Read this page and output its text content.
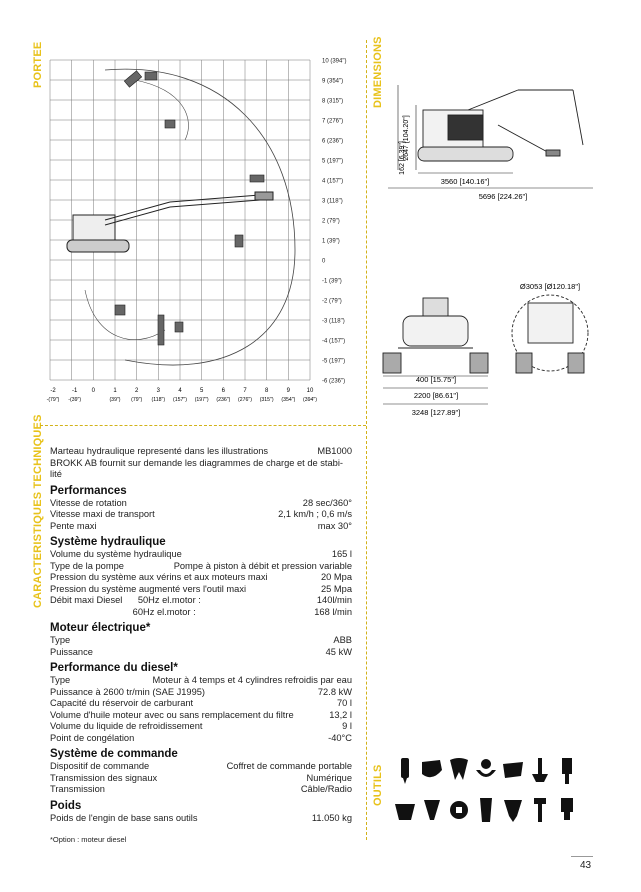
PORTEE	DIMENSIONS
CARACTERISTIQUES TECHNIQUES
OUTILS
10 (394")
9 (354")
8 (315")
7 (276")
6 (236")
5 (197")
4 (157")
3 (118")
2 (79")
1 (39")
0
-1 (39")
-2 (79")
-3 (118")
-4 (157")
-5 (197")
-6 (236")
-2
-(79")
-1
-(39")
0	1
(39")
2
(79")
3
(118")
4
(157")
5
(197")
6
(236")
7
(276")
8
(315")
9
(354")
10
(394")
162 [6.39"]
2647 [104.20"]
3560 [140.16"]
5696 [224.26"]
Ø3053 [Ø120.18"]
400 [15.75"]
2200 [86.61"]
3248 [127.89"]
Marteau hydraulique representé dans les illustrations	MB1000
BROKK AB fournit sur demande les diagrammes de charge et de stabi- lité
Performances
Vitesse de rotation	28 sec/360°
Vitesse maxi de transport	2,1 km/h ; 0,6 m/s
Pente maxi	max 30°
Système hydraulique
Volume du système hydraulique	165 l
Type de la pompe	Pompe à piston à débit et pression variable
Pression du système aux vérins et aux moteurs maxi	20 Mpa
Pression du système augmenté vers l'outil maxi	25 Mpa
Débit maxi Diesel      50Hz el.motor :	140l/min
60Hz el.motor :	168 l/min
Moteur électrique*
Type	ABB
Puissance	45 kW
Performance du diesel*
Type	Moteur à 4 temps et 4 cylindres refroidis par eau
Puissance à 2600 tr/min (SAE J1995)	72.8 kW
Capacité du réservoir de carburant	70 l
Volume d'huile moteur avec ou sans remplacement du filtre	13,2 l
Volume du liquide de refroidissement	9 l
Point de congélation	-40°C
Système de commande
Dispositif de commande	Coffret de commande portable
Transmission des signaux	Numérique
Transmission	Câble/Radio
Poids
Poids de l'engin de base sans outils	11.050 kg
*Option : moteur diesel
43
